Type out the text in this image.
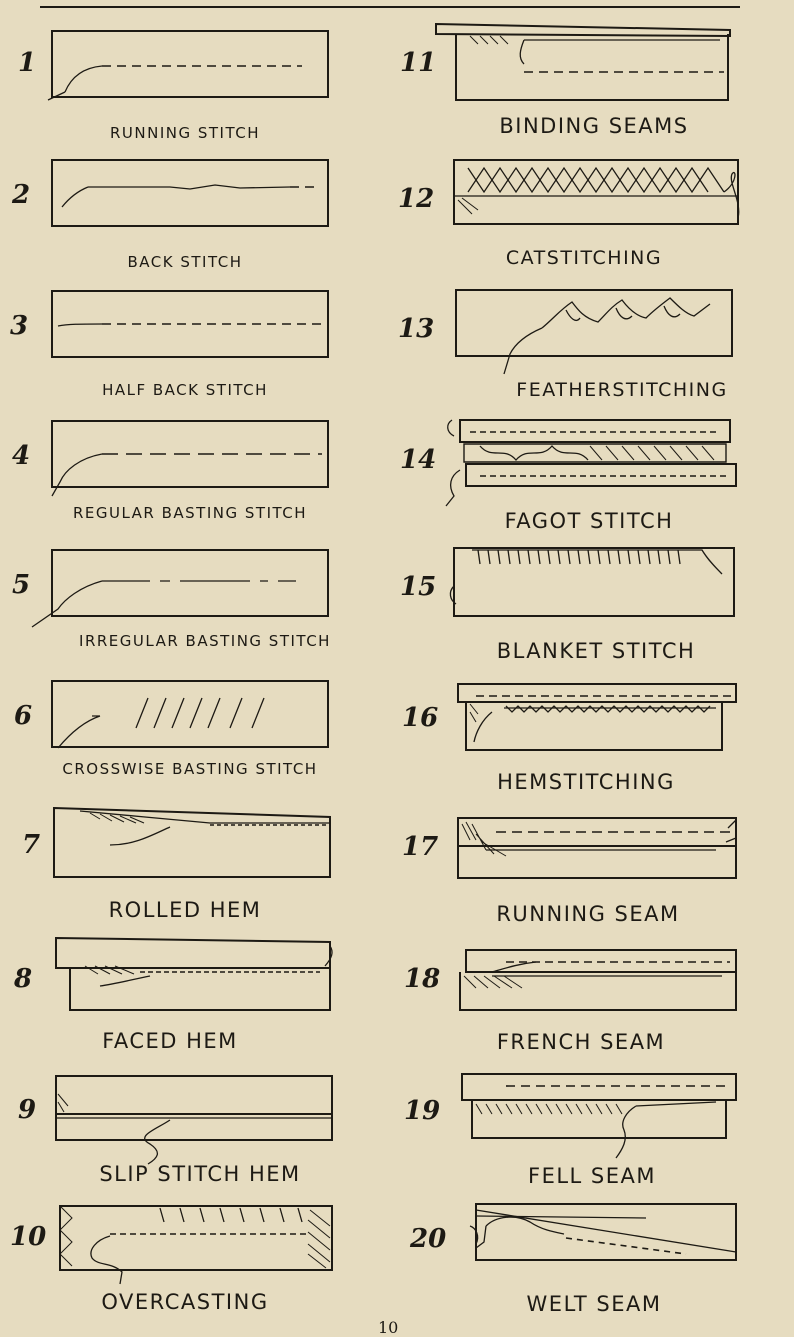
1
RUNNING STITCH
2
BACK STITCH
3
HALF BACK STITCH
4
REGULAR BASTING STITCH
5
IRREGULAR BASTING STITCH
6
CROSSWISE BASTING STITCH
7
ROLLED HEM
8
FACED HEM
9
SLIP STITCH HEM
10
OVERCASTING
11
BINDING SEAMS
12
CATSTITCHING
13
FEATHERSTITCHING
14
FAGOT STITCH
15
BLANKET STITCH
16
HEMSTITCHING
17
RUNNING SEAM
18
FRENCH SEAM
19
FELL SEAM
20
WELT SEAM
10
